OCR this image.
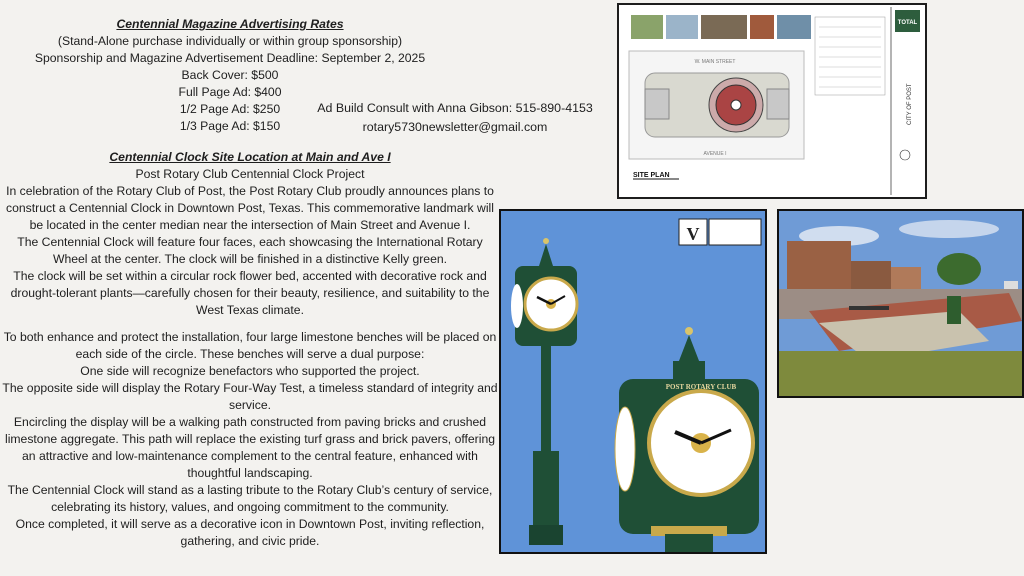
Centennial Magazine Advertising Rates
(Stand-Alone purchase individually or within group sponsorship)
Sponsorship and Magazine Advertisement Deadline: September 2, 2025
Back Cover: $500
Full Page Ad: $400
1/2 Page Ad: $250
1/3 Page Ad: $150
Ad Build Consult with Anna Gibson: 515-890-4153
rotary5730newsletter@gmail.com
Centennial Clock Site Location at Main and Ave I
Post Rotary Club Centennial Clock Project

In celebration of the Rotary Club of Post, the Post Rotary Club proudly announces plans to construct a Centennial Clock in Downtown Post, Texas. This commemorative landmark will be located in the center median near the intersection of Main Street and Avenue I.

The Centennial Clock will feature four faces, each showcasing the International Rotary Wheel at the center. The clock will be finished in a distinctive Kelly green.

The clock will be set within a circular rock flower bed, accented with decorative rock and drought-tolerant plants—carefully chosen for their beauty, resilience, and suitability to the West Texas climate.

To both enhance and protect the installation, four large limestone benches will be placed on each side of the circle. These benches will serve a dual purpose:

One side will recognize benefactors who supported the project.

The opposite side will display the Rotary Four-Way Test, a timeless standard of integrity and service.

Encircling the display will be a walking path constructed from paving bricks and crushed limestone aggregate. This path will replace the existing turf grass and brick pavers, offering an attractive and low-maintenance complement to the central feature, enhanced with thoughtful landscaping.

The Centennial Clock will stand as a lasting tribute to the Rotary Club’s century of service, celebrating its history, values, and ongoing commitment to the community.

Once completed, it will serve as a decorative icon in Downtown Post, inviting reflection, gathering, and civic pride.

W. MAIN STREET
AVENUE I
TOTAL
CITY OF POST
SITE PLAN
V
POST ROTARY CLUB
